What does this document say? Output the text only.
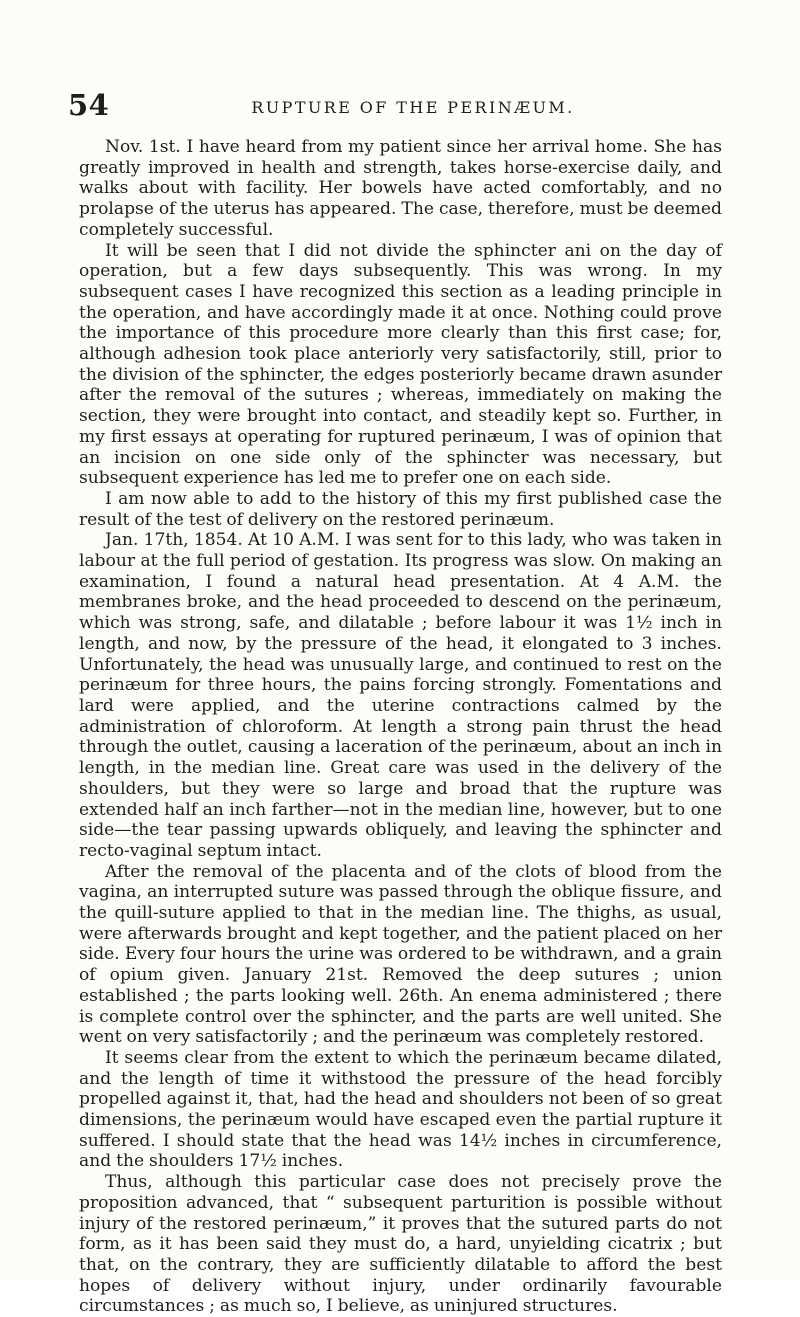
54	RUPTURE OF THE PERINÆUM.

Nov. 1st. I have heard from my patient since her arrival home. She has greatly improved in health and strength, takes horse-exercise daily, and walks about with facility. Her bowels have acted comfortably, and no prolapse of the uterus has appeared. The case, therefore, must be deemed completely successful.

It will be seen that I did not divide the sphincter ani on the day of operation, but a few days subsequently. This was wrong. In my subsequent cases I have recognized this section as a leading principle in the operation, and have accordingly made it at once. Nothing could prove the importance of this procedure more clearly than this first case; for, although adhesion took place anteriorly very satisfactorily, still, prior to the division of the sphincter, the edges posteriorly became drawn asunder after the removal of the sutures ; whereas, immediately on making the section, they were brought into contact, and steadily kept so. Further, in my first essays at operating for ruptured perinæum, I was of opinion that an incision on one side only of the sphincter was necessary, but subsequent experience has led me to prefer one on each side.

I am now able to add to the history of this my first published case the result of the test of delivery on the restored perinæum.

Jan. 17th, 1854. At 10 A.M. I was sent for to this lady, who was taken in labour at the full period of gestation. Its progress was slow. On making an examination, I found a natural head presentation. At 4 A.M. the membranes broke, and the head proceeded to descend on the perinæum, which was strong, safe, and dilatable ; before labour it was 1½ inch in length, and now, by the pressure of the head, it elongated to 3 inches. Unfortunately, the head was unusually large, and continued to rest on the perinæum for three hours, the pains forcing strongly. Fomentations and lard were applied, and the uterine contractions calmed by the administration of chloroform. At length a strong pain thrust the head through the outlet, causing a laceration of the perinæum, about an inch in length, in the median line. Great care was used in the delivery of the shoulders, but they were so large and broad that the rupture was extended half an inch farther—not in the median line, however, but to one side—the tear passing upwards obliquely, and leaving the sphincter and recto-vaginal septum intact.

After the removal of the placenta and of the clots of blood from the vagina, an interrupted suture was passed through the oblique fissure, and the quill-suture applied to that in the median line. The thighs, as usual, were afterwards brought and kept together, and the patient placed on her side. Every four hours the urine was ordered to be withdrawn, and a grain of opium given. January 21st. Removed the deep sutures ; union established ; the parts looking well. 26th. An enema administered ; there is complete control over the sphincter, and the parts are well united. She went on very satisfactorily ; and the perinæum was completely restored.

It seems clear from the extent to which the perinæum became dilated, and the length of time it withstood the pressure of the head forcibly propelled against it, that, had the head and shoulders not been of so great dimensions, the perinæum would have escaped even the partial rupture it suffered. I should state that the head was 14½ inches in circumference, and the shoulders 17½ inches.

Thus, although this particular case does not precisely prove the proposition advanced, that “ subsequent parturition is possible without injury of the restored perinæum,” it proves that the sutured parts do not form, as it has been said they must do, a hard, unyielding cicatrix ; but that, on the contrary, they are sufficiently dilatable to afford the best hopes of delivery without injury, under ordinarily favourable circumstances ; as much so, I believe, as uninjured structures.
